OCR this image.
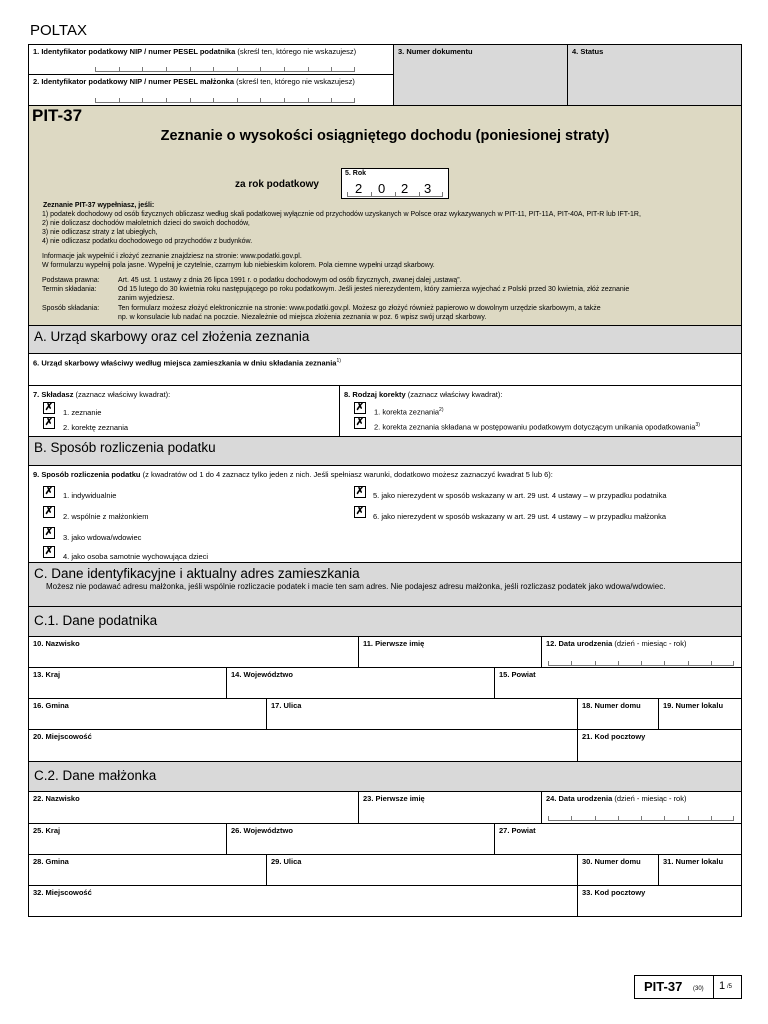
POLTAX
1. Identyfikator podatkowy NIP / numer PESEL podatnika (skreśl ten, którego nie wskazujesz)
2. Identyfikator podatkowy NIP / numer PESEL małżonka (skreśl ten, którego nie wskazujesz)
3. Numer dokumentu	4. Status
PIT-37
Zeznanie o wysokości osiągniętego dochodu (poniesionej straty)
za rok podatkowy
5. Rok
2 0 2 3
Zeznanie PIT-37 wypełniasz, jeśli:
1) podatek dochodowy od osób fizycznych obliczasz według skali podatkowej wyłącznie od przychodów uzyskanych w Polsce oraz wykazywanych w PIT-11, PIT-11A, PIT-40A, PIT-R lub IFT-1R,
2) nie doliczasz dochodów małoletnich dzieci do swoich dochodów,
3) nie odliczasz straty z lat ubiegłych,
4) nie odliczasz podatku dochodowego od przychodów z budynków.
Informacje jak wypełnić i złożyć zeznanie znajdziesz na stronie: www.podatki.gov.pl.
W formularzu wypełnij pola jasne. Wypełnij je czytelnie, czarnym lub niebieskim kolorem. Pola ciemne wypełni urząd skarbowy.
Podstawa prawna:	Art. 45 ust. 1 ustawy z dnia 26 lipca 1991 r. o podatku dochodowym od osób fizycznych, zwanej dalej „ustawą”.
Termin składania:	Od 15 lutego do 30 kwietnia roku następującego po roku podatkowym. Jeśli jesteś nierezydentem, który zamierza wyjechać z Polski przed 30 kwietnia, złóż zeznanie
zanim wyjedziesz.
Sposób składania:	Ten formularz możesz złożyć elektronicznie na stronie: www.podatki.gov.pl. Możesz go złożyć również papierowo w dowolnym urzędzie skarbowym, a także
np. w konsulacie lub nadać na poczcie. Niezależnie od miejsca złożenia zeznania w poz. 6 wpisz swój urząd skarbowy.
A. Urząd skarbowy oraz cel złożenia zeznania
6. Urząd skarbowy właściwy według miejsca zamieszkania w dniu składania zeznania$^{1)}$
7. Składasz (zaznacz właściwy kwadrat):
✗ 1. zeznanie
✗ 2. korektę zeznania
8. Rodzaj korekty (zaznacz właściwy kwadrat):
✗ 1. korekta zeznania$^{2)}$
✗ 2. korekta zeznania składana w postępowaniu podatkowym dotyczącym unikania opodatkowania$^{3)}$
B. Sposób rozliczenia podatku
9. Sposób rozliczenia podatku (z kwadratów od 1 do 4 zaznacz tylko jeden z nich. Jeśli spełniasz warunki, dodatkowo możesz zaznaczyć kwadrat 5 lub 6):
✗ 1. indywidualnie
✗ 2. wspólnie z małżonkiem
✗ 3. jako wdowa/wdowiec
✗ 4. jako osoba samotnie wychowująca dzieci
✗ 5. jako nierezydent w sposób wskazany w art. 29 ust. 4 ustawy – w przypadku podatnika
✗ 6. jako nierezydent w sposób wskazany w art. 29 ust. 4 ustawy – w przypadku małżonka
C. Dane identyfikacyjne i aktualny adres zamieszkania
Możesz nie podawać adresu małżonka, jeśli wspólnie rozliczacie podatek i macie ten sam adres. Nie podajesz adresu małżonka, jeśli rozliczasz podatek jako wdowa/wdowiec.
C.1. Dane podatnika
10. Nazwisko	11. Pierwsze imię	12. Data urodzenia (dzień - miesiąc - rok)
13. Kraj	14. Województwo	15. Powiat
16. Gmina	17. Ulica	18. Numer domu	19. Numer lokalu
20. Miejscowość	21. Kod pocztowy
C.2. Dane małżonka
22. Nazwisko	23. Pierwsze imię	24. Data urodzenia (dzień - miesiąc - rok)
25. Kraj	26. Województwo	27. Powiat
28. Gmina	29. Ulica	30. Numer domu	31. Numer lokalu
32. Miejscowość	33. Kod pocztowy
PIT-37 (30) 1 /5
